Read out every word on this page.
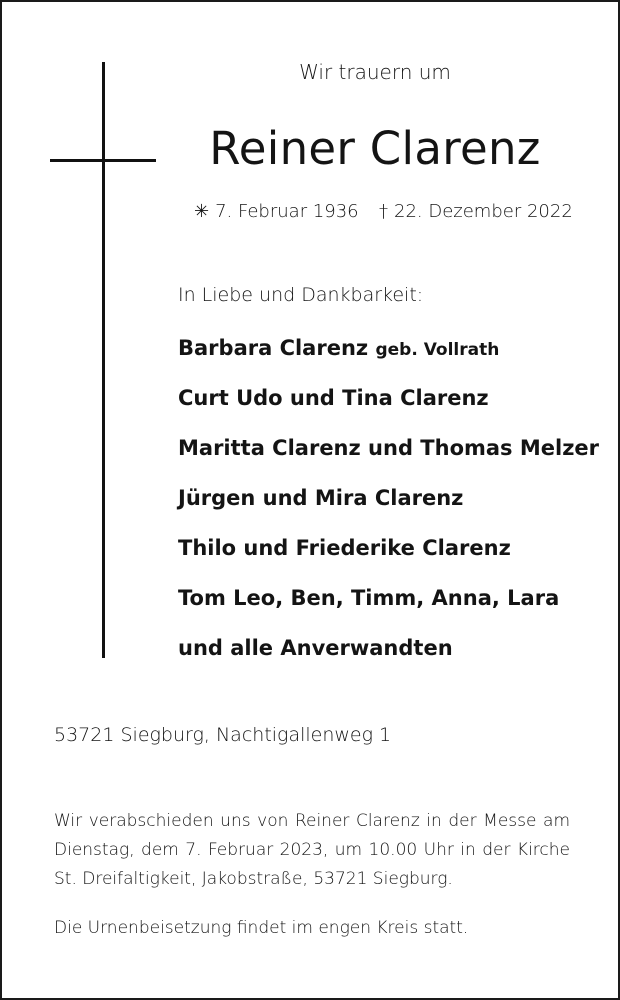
Wir trauern um
Reiner Clarenz
✳ 7. Februar 1936 † 22. Dezember 2022
In Liebe und Dankbarkeit:
Barbara Clarenz geb. Vollrath
Curt Udo und Tina Clarenz
Maritta Clarenz und Thomas Melzer
Jürgen und Mira Clarenz
Thilo und Friederike Clarenz
Tom Leo, Ben, Timm, Anna, Lara
und alle Anverwandten
53721 Siegburg, Nachtigallenweg 1

Wir verabschieden uns von Reiner Clarenz in der Messe am Dienstag, dem 7. Februar 2023, um 10.00 Uhr in der Kirche St. Dreifaltigkeit, Jakobstraße, 53721 Siegburg.

Die Urnenbeisetzung findet im engen Kreis statt.
